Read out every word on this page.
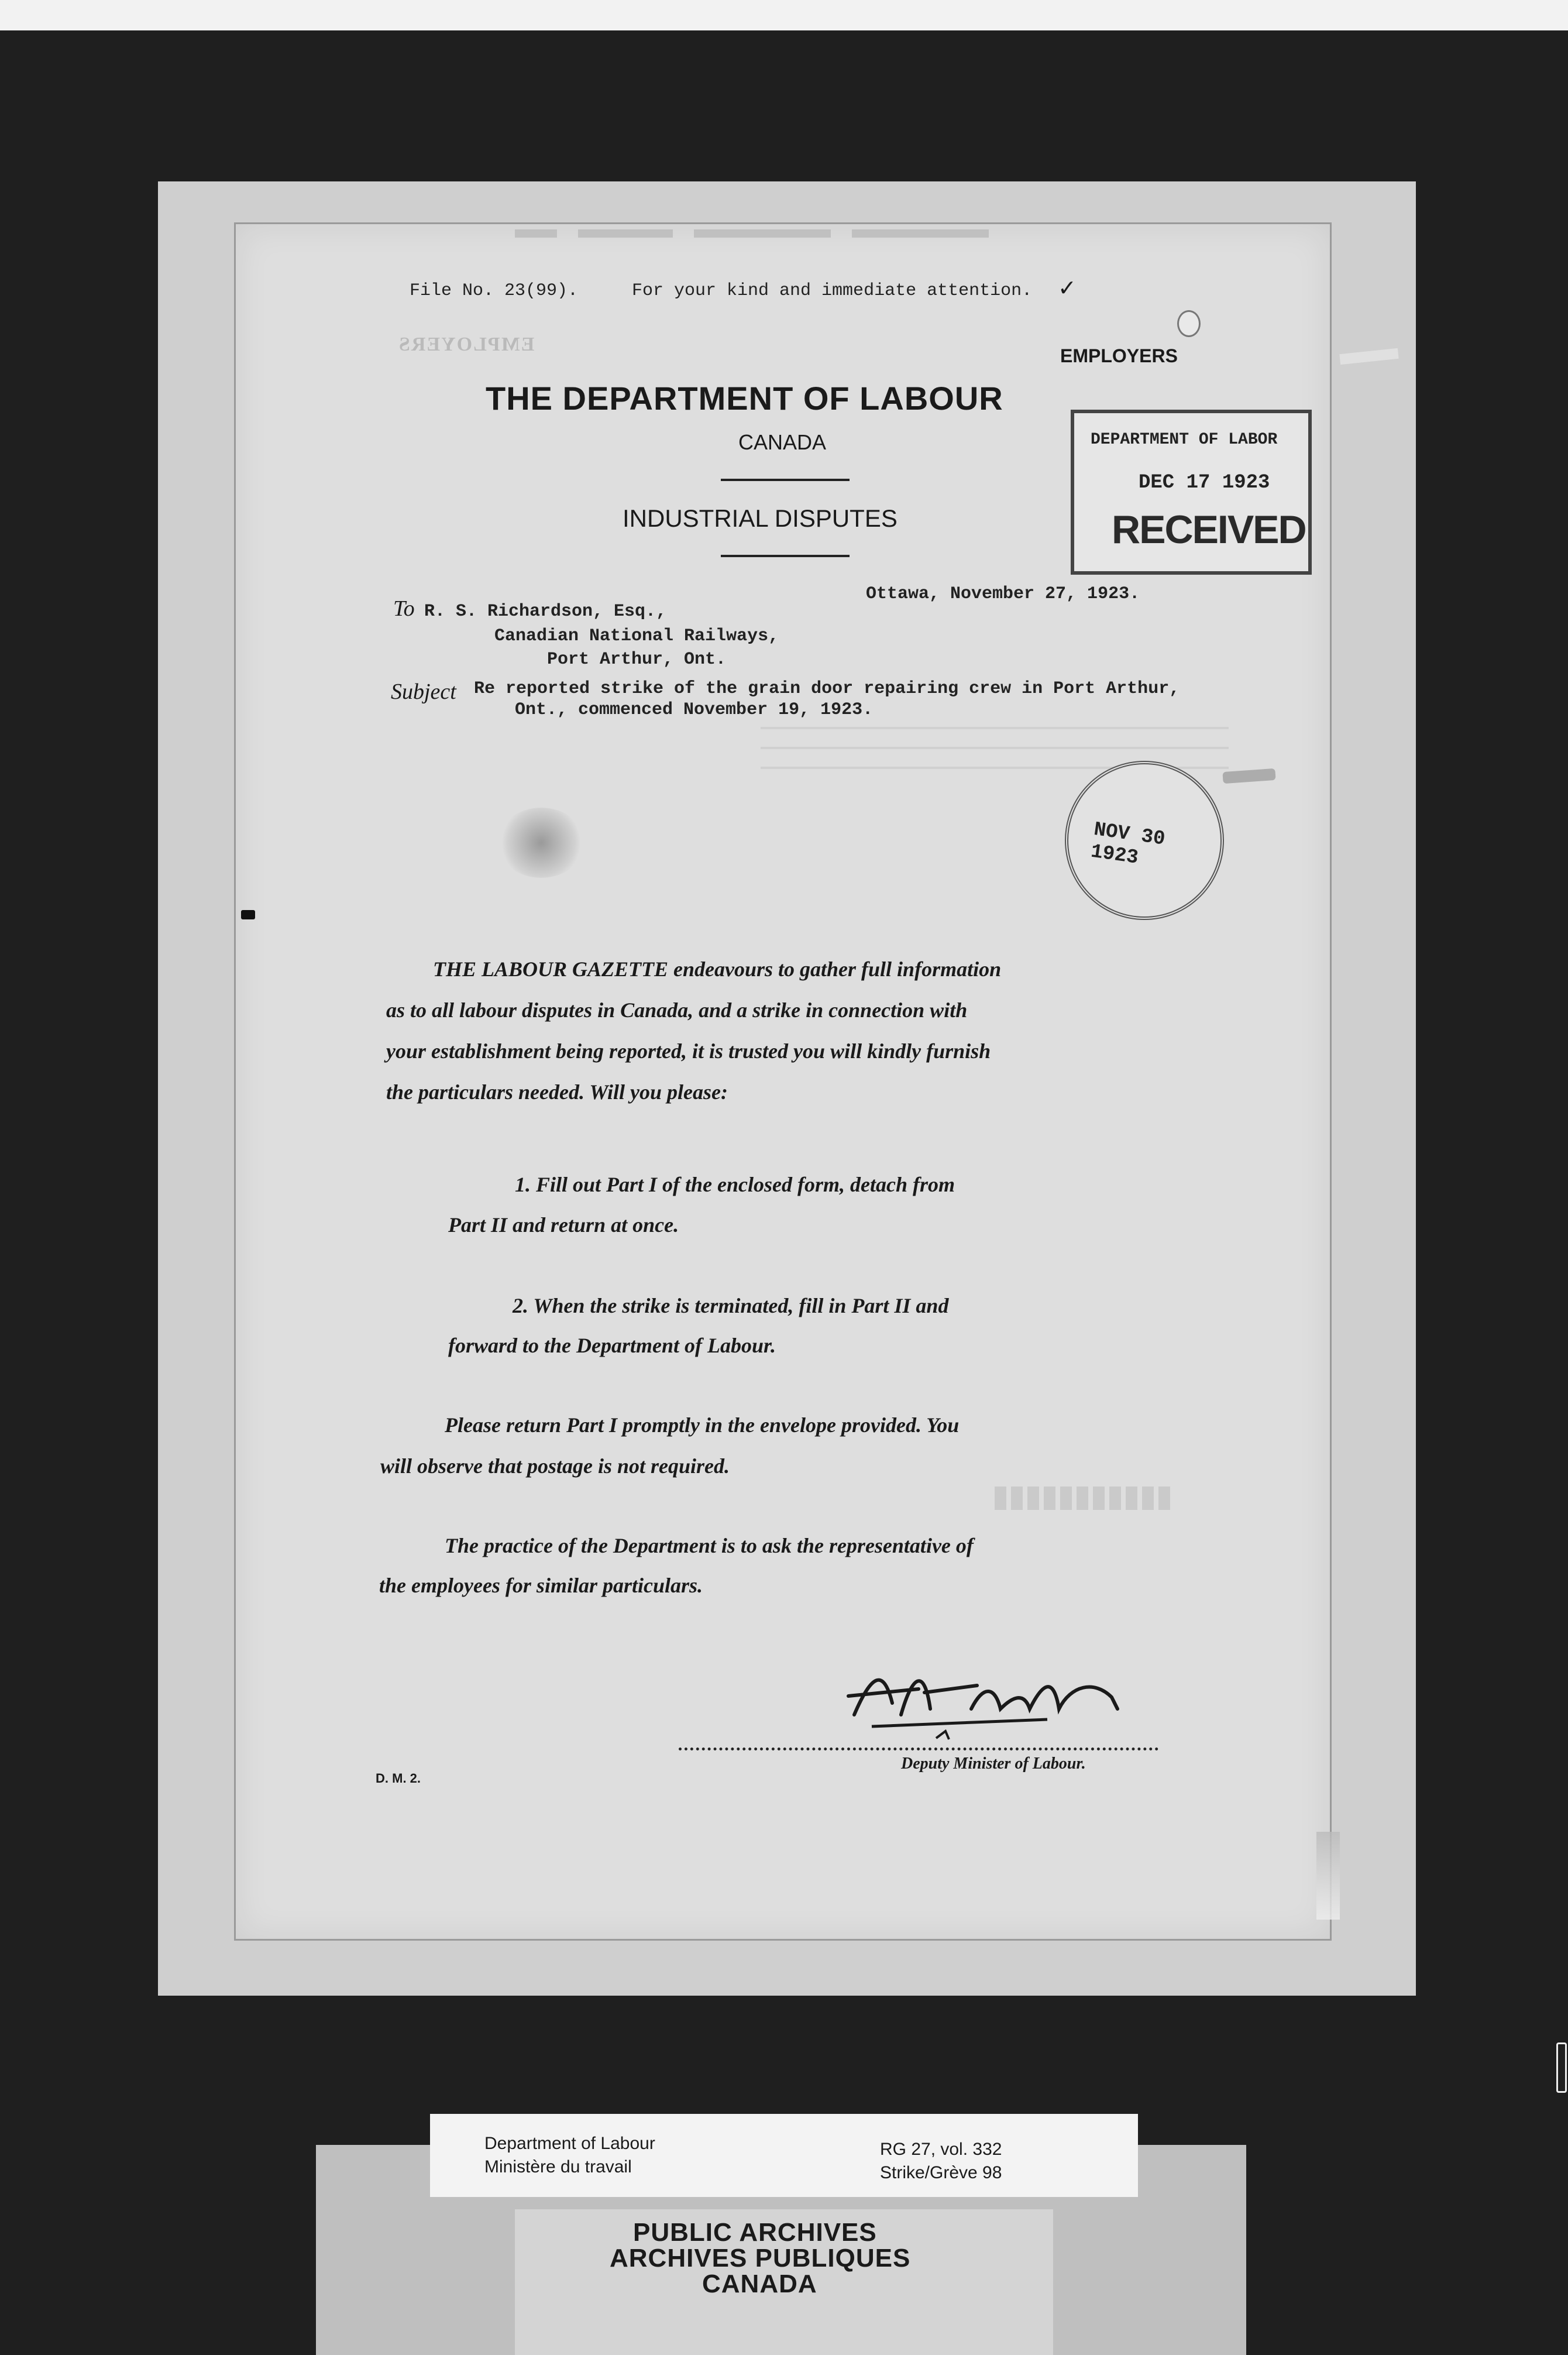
File No. 23(99).	For your kind and immediate attention. ✓
EMPLOYERS
EMPLOYERS
THE DEPARTMENT OF LABOUR
CANADA
INDUSTRIAL DISPUTES
DEPARTMENT OF LABOR
DEC 17 1923
RECEIVED
Ottawa, November 27, 1923.
To R. S. Richardson, Esq.,
Canadian National Railways,
Port Arthur, Ont.
Subject Re reported strike of the grain door repairing crew in Port Arthur,
Ont., commenced November 19, 1923.
NOV 30 1923
THE LABOUR GAZETTE endeavours to gather full information
as to all labour disputes in Canada, and a strike in connection with
your establishment being reported, it is trusted you will kindly furnish
the particulars needed. Will you please:
1. Fill out Part I of the enclosed form, detach from
Part II and return at once.
2. When the strike is terminated, fill in Part II and
forward to the Department of Labour.
Please return Part I promptly in the envelope provided. You
will observe that postage is not required.
The practice of the Department is to ask the representative of
the employees for similar particulars.
Deputy Minister of Labour.
D. M. 2.
Department of Labour
Ministère du travail
RG 27, vol. 332
Strike/Grève 98
PUBLIC ARCHIVES
ARCHIVES PUBLIQUES
CANADA
